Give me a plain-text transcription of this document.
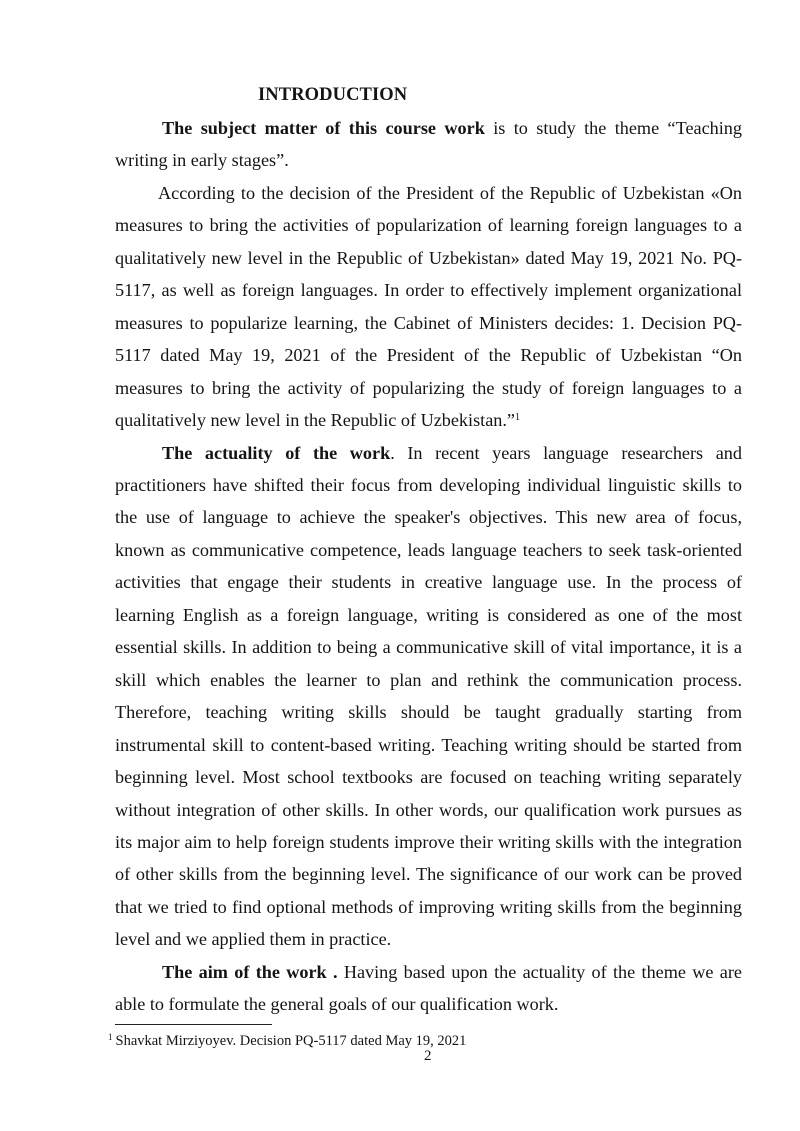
INTRODUCTION

The subject matter of this course work is to study the theme “Teaching writing in early stages”.

According to the decision of the President of the Republic of Uzbekistan «On measures to bring the activities of popularization of learning foreign languages to a qualitatively new level in the Republic of Uzbekistan» dated May 19, 2021 No. PQ-5117, as well as foreign languages. In order to effectively implement organizational measures to popularize learning, the Cabinet of Ministers decides: 1. Decision PQ-5117 dated May 19, 2021 of the President of the Republic of Uzbekistan “On measures to bring the activity of popularizing the study of foreign languages to a qualitatively new level in the Republic of Uzbekistan.”$^1$

The actuality of the work. In recent years language researchers and practitioners have shifted their focus from developing individual linguistic skills to the use of language to achieve the speaker's objectives. This new area of focus, known as communicative competence, leads language teachers to seek task-oriented activities that engage their students in creative language use. In the process of learning English as a foreign language, writing is considered as one of the most essential skills. In addition to being a communicative skill of vital importance, it is a skill which enables the learner to plan and rethink the communication process. Therefore, teaching writing skills should be taught gradually starting from instrumental skill to content-based writing. Teaching writing should be started from beginning level. Most school textbooks are focused on teaching writing separately without integration of other skills. In other words, our qualification work pursues as its major aim to help foreign students improve their writing skills with the integration of other skills from the beginning level. The significance of our work can be proved that we tried to find optional methods of improving writing skills from the beginning level and we applied them in practice.

The aim of the work . Having based upon the actuality of the theme we are able to formulate the general goals of our qualification work.

$^1$ Shavkat Mirziyoyev. Decision PQ-5117 dated May 19, 2021
2
